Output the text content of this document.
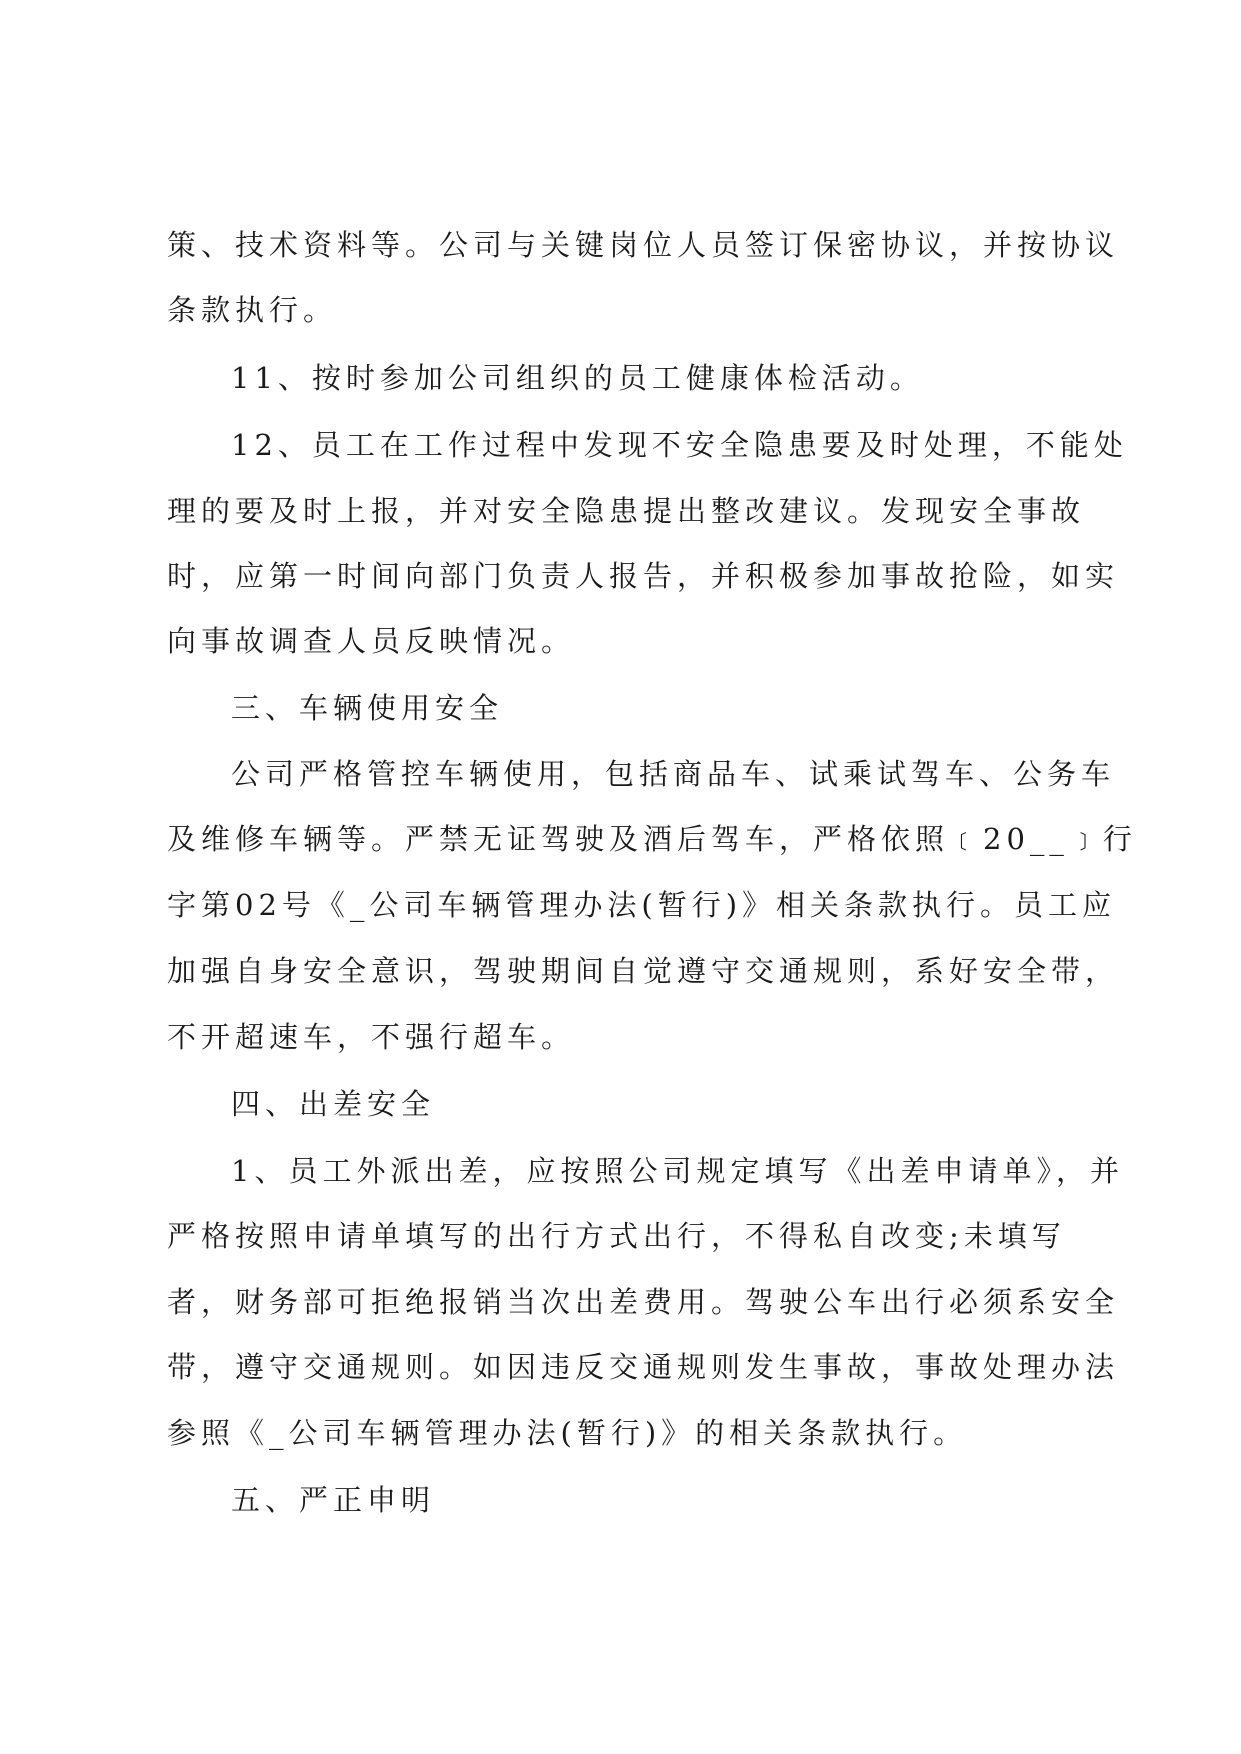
策、技术资料等。公司与关键岗位人员签订保密协议，并按协议
条款执行。
11、按时参加公司组织的员工健康体检活动。
12、员工在工作过程中发现不安全隐患要及时处理，不能处
理的要及时上报，并对安全隐患提出整改建议。发现安全事故
时，应第一时间向部门负责人报告，并积极参加事故抢险，如实
向事故调查人员反映情况。
三、车辆使用安全
公司严格管控车辆使用，包括商品车、试乘试驾车、公务车
及维修车辆等。严禁无证驾驶及酒后驾车，严格依照﹝20__﹞行
字第02号《_公司车辆管理办法(暂行)》相关条款执行。员工应
加强自身安全意识，驾驶期间自觉遵守交通规则，系好安全带，
不开超速车，不强行超车。
四、出差安全
1、员工外派出差，应按照公司规定填写《出差申请单》，并
严格按照申请单填写的出行方式出行，不得私自改变;未填写
者，财务部可拒绝报销当次出差费用。驾驶公车出行必须系安全
带，遵守交通规则。如因违反交通规则发生事故，事故处理办法
参照《_公司车辆管理办法(暂行)》的相关条款执行。
五、严正申明
